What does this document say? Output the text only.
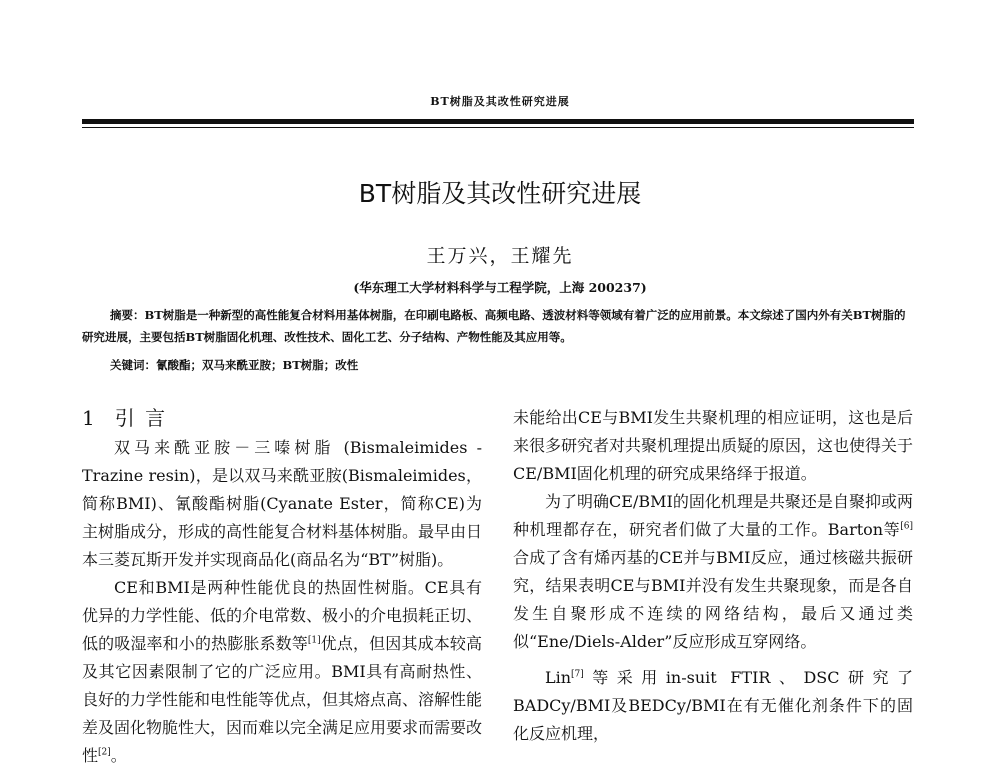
BT树脂及其改性研究进展
BT树脂及其改性研究进展
王万兴，王耀先
(华东理工大学材料科学与工程学院，上海 200237)

摘要：BT树脂是一种新型的高性能复合材料用基体树脂，在印刷电路板、高频电路、透波材料等领域有着广泛的应用前景。本文综述了国内外有关BT树脂的研究进展，主要包括BT树脂固化机理、改性技术、固化工艺、分子结构、产物性能及其应用等。

关键词：氰酸酯；双马来酰亚胺；BT树脂；改性
1 引 言

双马来酰亚胺－三嗪树脂 (Bismaleimides - Trazine resin)，是以双马来酰亚胺(Bismaleimides，简称BMI)、氰酸酯树脂(Cyanate Ester，简称CE)为主树脂成分，形成的高性能复合材料基体树脂。最早由日本三菱瓦斯开发并实现商品化(商品名为“BT”树脂)。

CE和BMI是两种性能优良的热固性树脂。CE具有优异的力学性能、低的介电常数、极小的介电损耗正切、低的吸湿率和小的热膨胀系数等[1]优点，但因其成本较高及其它因素限制了它的广泛应用。BMI具有高耐热性、良好的力学性能和电性能等优点，但其熔点高、溶解性能差及固化物脆性大，因而难以完全满足应用要求而需要改性[2]。

未能给出CE与BMI发生共聚机理的相应证明，这也是后来很多研究者对共聚机理提出质疑的原因，这也使得关于CE/BMI固化机理的研究成果络绎于报道。

为了明确CE/BMI的固化机理是共聚还是自聚抑或两种机理都存在，研究者们做了大量的工作。Barton等[6]合成了含有烯丙基的CE并与BMI反应，通过核磁共振研究，结果表明CE与BMI并没有发生共聚现象，而是各自发生自聚形成不连续的网络结构，最后又通过类似“Ene/Diels-Alder”反应形成互穿网络。

Lin[7]等采用in-suit FTIR、DSC研究了BADCy/BMI及BEDCy/BMI在有无催化剂条件下的固化反应机理，
